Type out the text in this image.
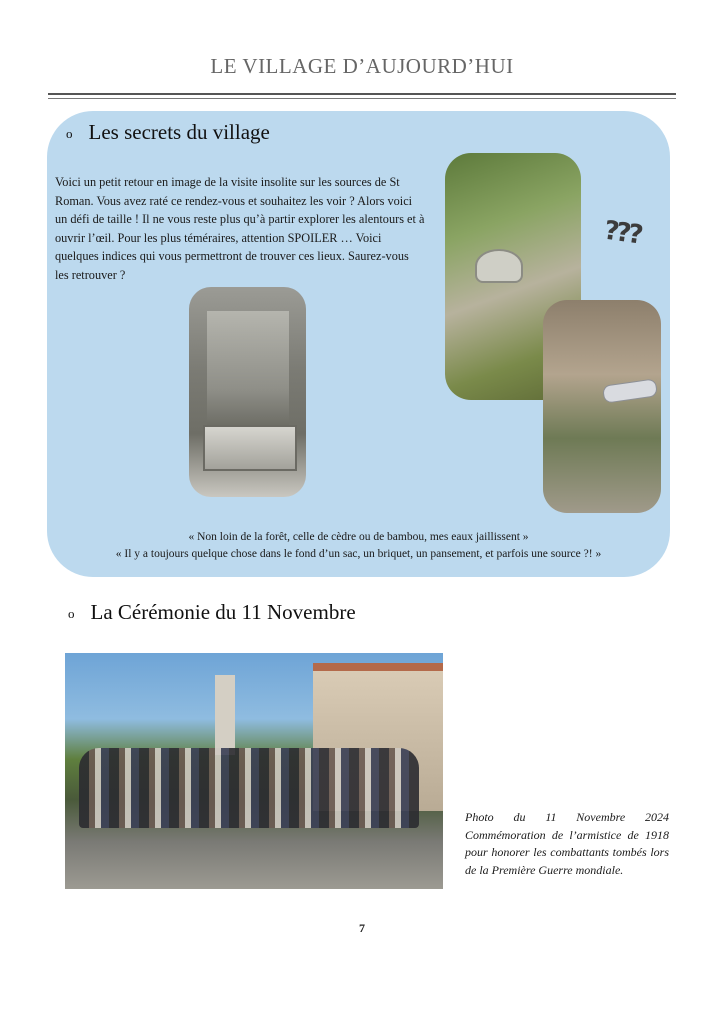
LE VILLAGE D’AUJOURD’HUI
o Les secrets du village
Voici un petit retour en image de la visite insolite sur les sources de St Roman. Vous avez raté ce rendez-vous et souhaitez les voir ? Alors voici un défi de taille ! Il ne vous reste plus qu’à partir explorer les alentours et à ouvrir l’œil. Pour les plus téméraires, attention SPOILER … Voici quelques indices qui vous permettront de trouver ces lieux. Saurez-vous les retrouver ?
???
« Non loin de la forêt, celle de cèdre ou de bambou, mes eaux jaillissent »
« Il y a toujours quelque chose dans le fond d’un sac, un briquet, un pansement, et parfois une source ?! »
o La Cérémonie du 11 Novembre
Photo du 11 Novembre 2024 Commémoration de l’armistice de 1918 pour honorer les combattants tombés lors de la Première Guerre mondiale.
7
